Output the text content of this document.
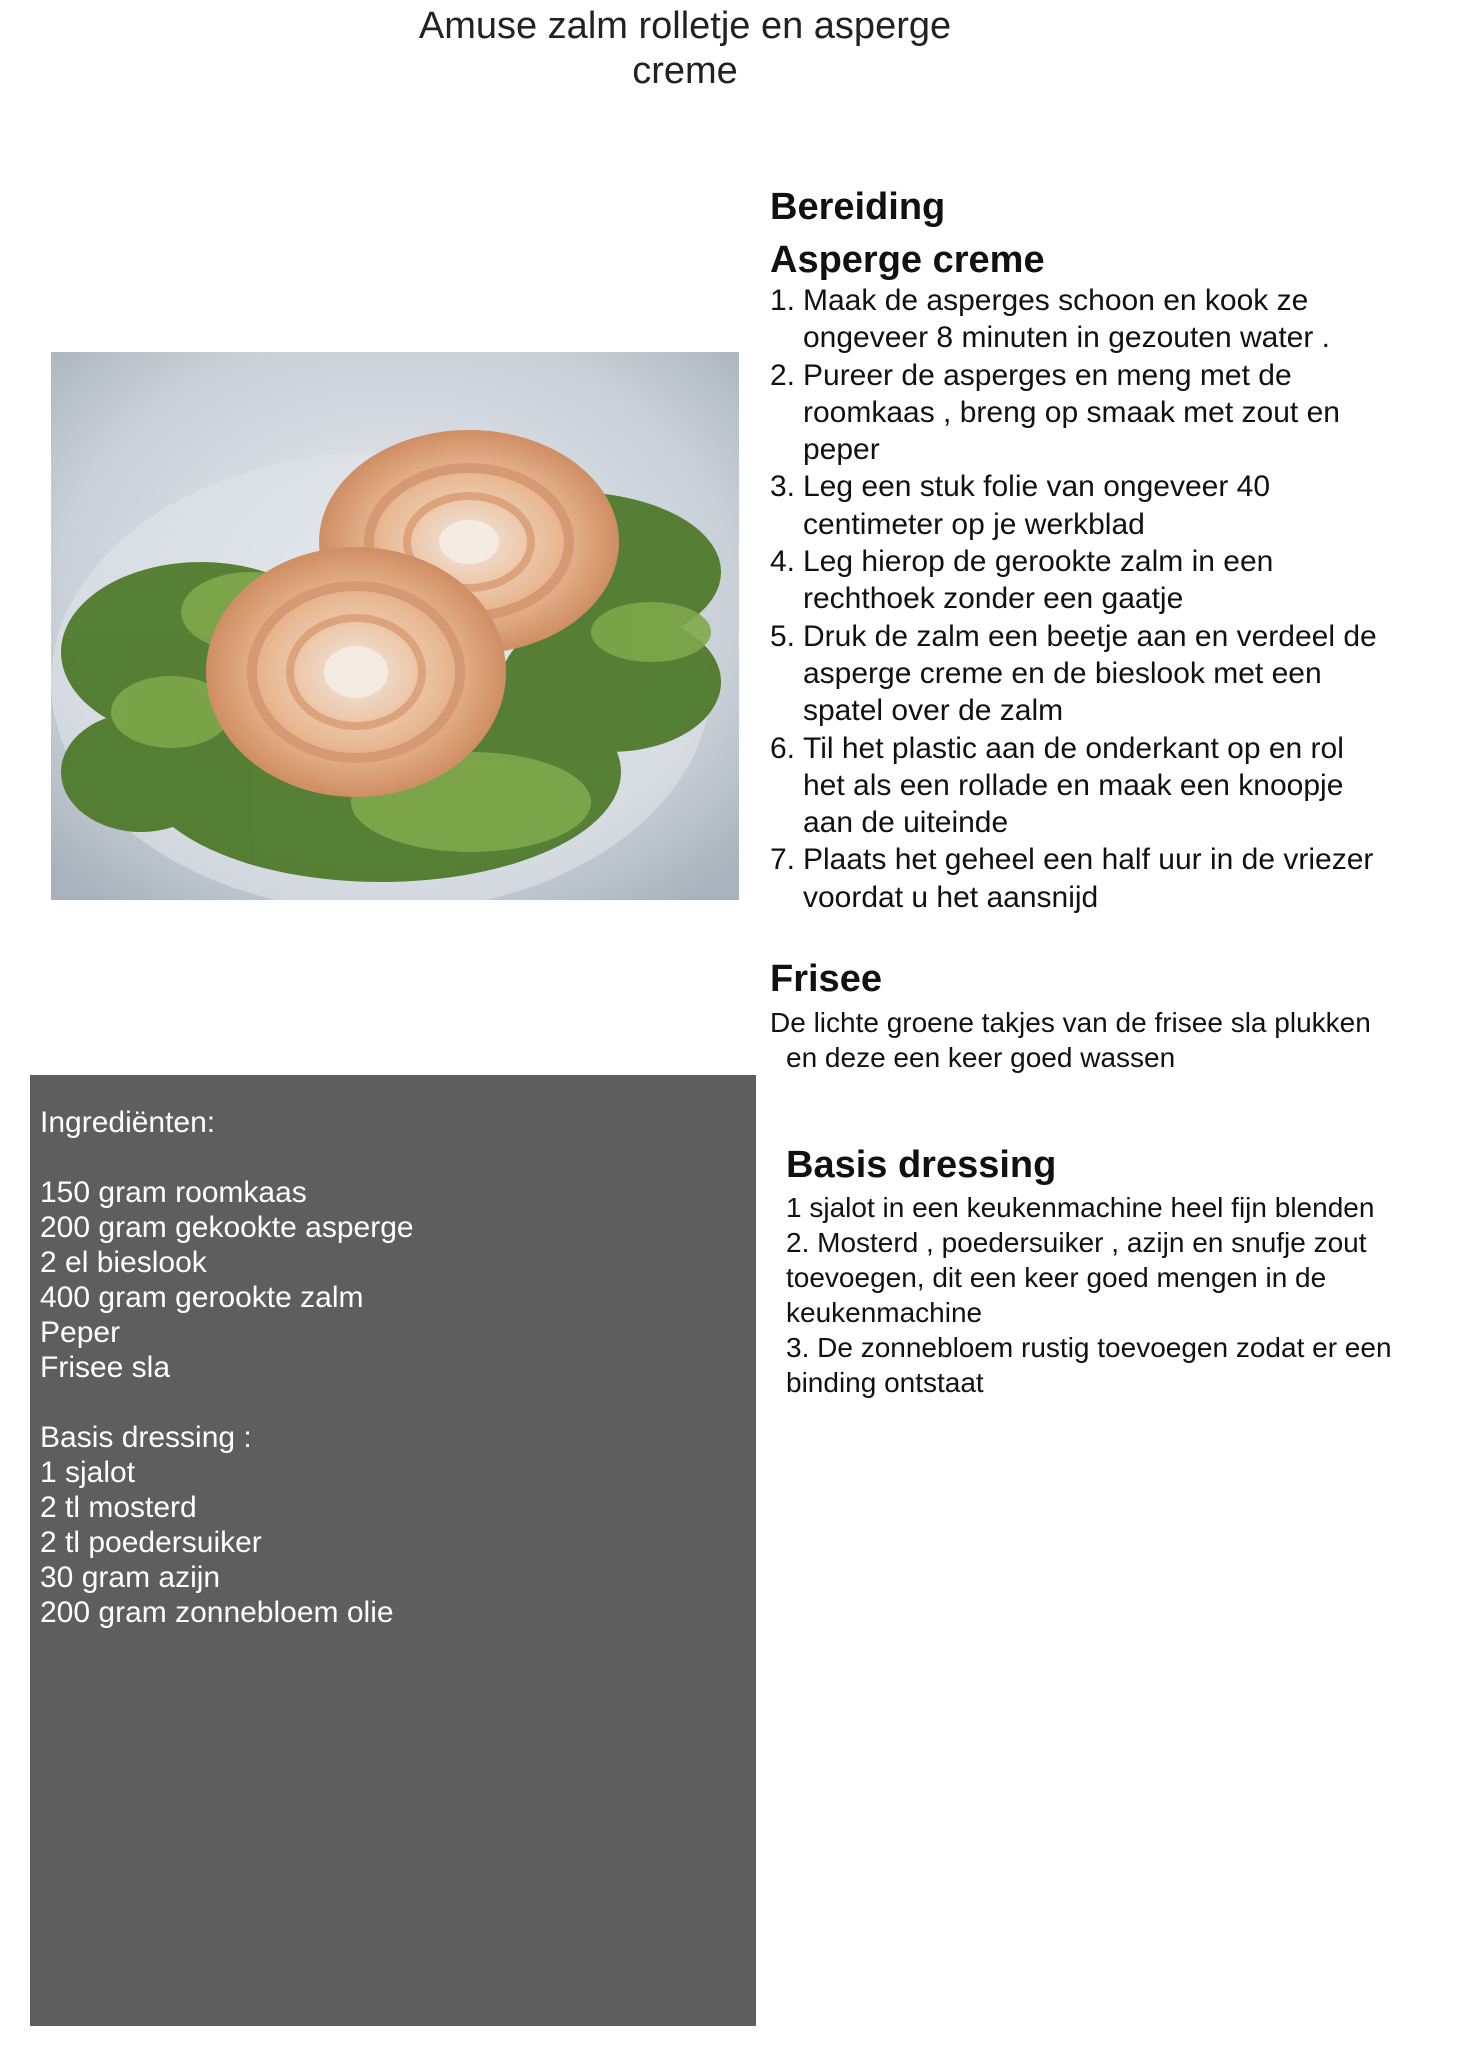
Amuse zalm rolletje en asperge
creme
Bereiding
Asperge creme
1. Maak de asperges schoon en kook ze
ongeveer 8 minuten in gezouten water .
2. Pureer de asperges en meng met de
roomkaas , breng op smaak met zout en
peper
3. Leg een stuk folie van ongeveer 40
centimeter op je werkblad
4. Leg hierop de gerookte zalm in een
rechthoek zonder een gaatje
5. Druk de zalm een beetje aan en verdeel de
asperge creme en de bieslook met een
spatel over de zalm
6. Til het plastic aan de onderkant op en rol
het als een rollade en maak een knoopje
aan de uiteinde
7. Plaats het geheel een half uur in de vriezer
voordat u het aansnijd
Frisee
De lichte groene takjes van de frisee sla plukken
en deze een keer goed wassen
Basis dressing
1 sjalot in een keukenmachine heel fijn blenden
2. Mosterd , poedersuiker , azijn en snufje zout
toevoegen, dit een keer goed mengen in de
keukenmachine
3. De zonnebloem rustig toevoegen zodat er een
binding ontstaat
Ingrediënten:
150 gram roomkaas
200 gram gekookte asperge
2 el bieslook
400 gram gerookte zalm
Peper
Frisee sla
Basis dressing :
1 sjalot
2 tl mosterd
2 tl poedersuiker
30 gram azijn
200 gram zonnebloem olie
